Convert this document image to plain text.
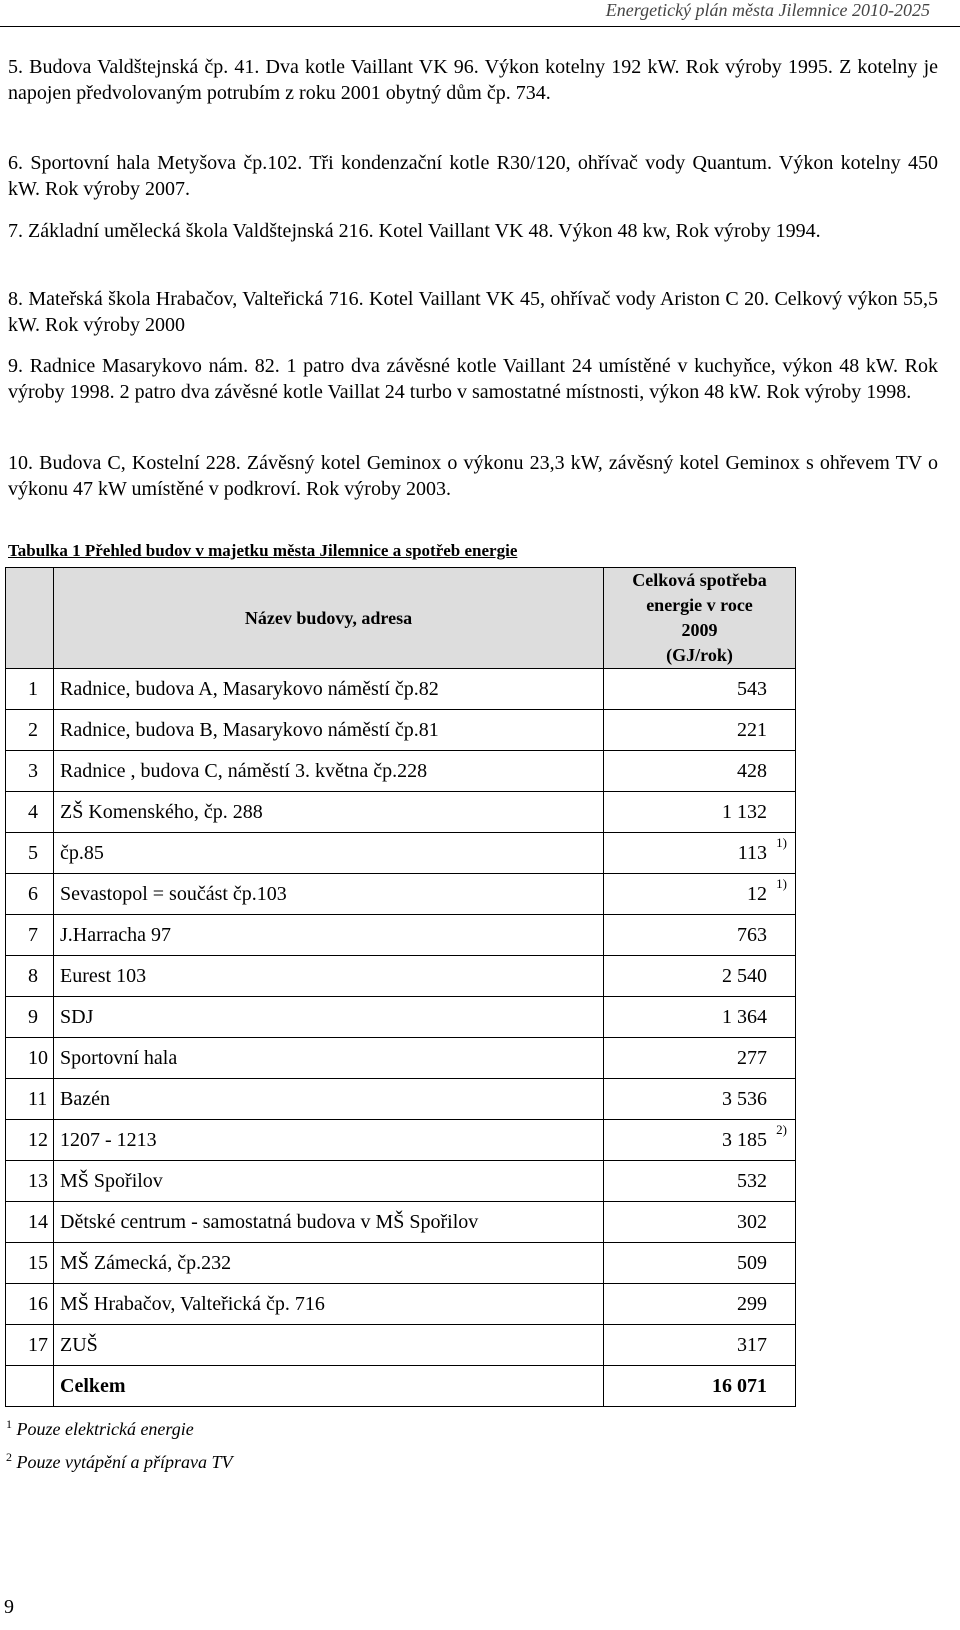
Energetický plán města Jilemnice 2010-2025
5. Budova Valdštejnská čp. 41. Dva kotle Vaillant VK 96. Výkon kotelny 192 kW. Rok výroby 1995. Z kotelny je napojen předvolovaným potrubím z roku 2001 obytný dům čp. 734.
6. Sportovní hala Metyšova čp.102. Tři kondenzační kotle R30/120, ohřívač vody Quantum. Výkon kotelny 450 kW. Rok výroby 2007.
7. Základní umělecká škola Valdštejnská 216. Kotel Vaillant VK 48. Výkon 48 kw, Rok výroby 1994.
8. Mateřská škola Hrabačov, Valteřická 716. Kotel Vaillant VK 45, ohřívač vody Ariston C 20. Celkový výkon 55,5 kW. Rok výroby 2000
9. Radnice Masarykovo nám. 82. 1 patro dva závěsné kotle Vaillant 24 umístěné v kuchyňce, výkon 48 kW. Rok výroby 1998. 2 patro dva závěsné kotle Vaillat 24 turbo v samostatné místnosti, výkon 48 kW. Rok výroby 1998.
10. Budova C, Kostelní 228. Závěsný kotel Geminox o výkonu 23,3 kW, závěsný kotel Geminox s ohřevem TV o výkonu 47 kW umístěné v podkroví. Rok výroby 2003.
Tabulka 1 Přehled budov v majetku města Jilemnice a spotřeb energie
	Název budovy, adresa	Celková spotřeba
energie v roce
2009
(GJ/rok)

1	Radnice, budova A, Masarykovo náměstí čp.82	543
2	Radnice, budova B, Masarykovo náměstí čp.81	221
3	Radnice , budova C, náměstí 3. května čp.228	428
4	ZŠ Komenského, čp. 288	1 132
5	čp.85	113 1)

6	Sevastopol = součást čp.103	12 1)

7	J.Harracha 97	763
8	Eurest 103	2 540
9	SDJ	1 364
10	Sportovní hala	277
11	Bazén	3 536
12	1207 - 1213	3 185 2)

13	MŠ Spořilov	532
14	Dětské centrum - samostatná budova v MŠ Spořilov	302
15	MŠ Zámecká, čp.232	509
16	MŠ Hrabačov, Valteřická čp. 716	299
17	ZUŠ	317
	Celkem	16 071
$^1$ Pouze elektrická energie
$^2$ Pouze vytápění a příprava TV
9
